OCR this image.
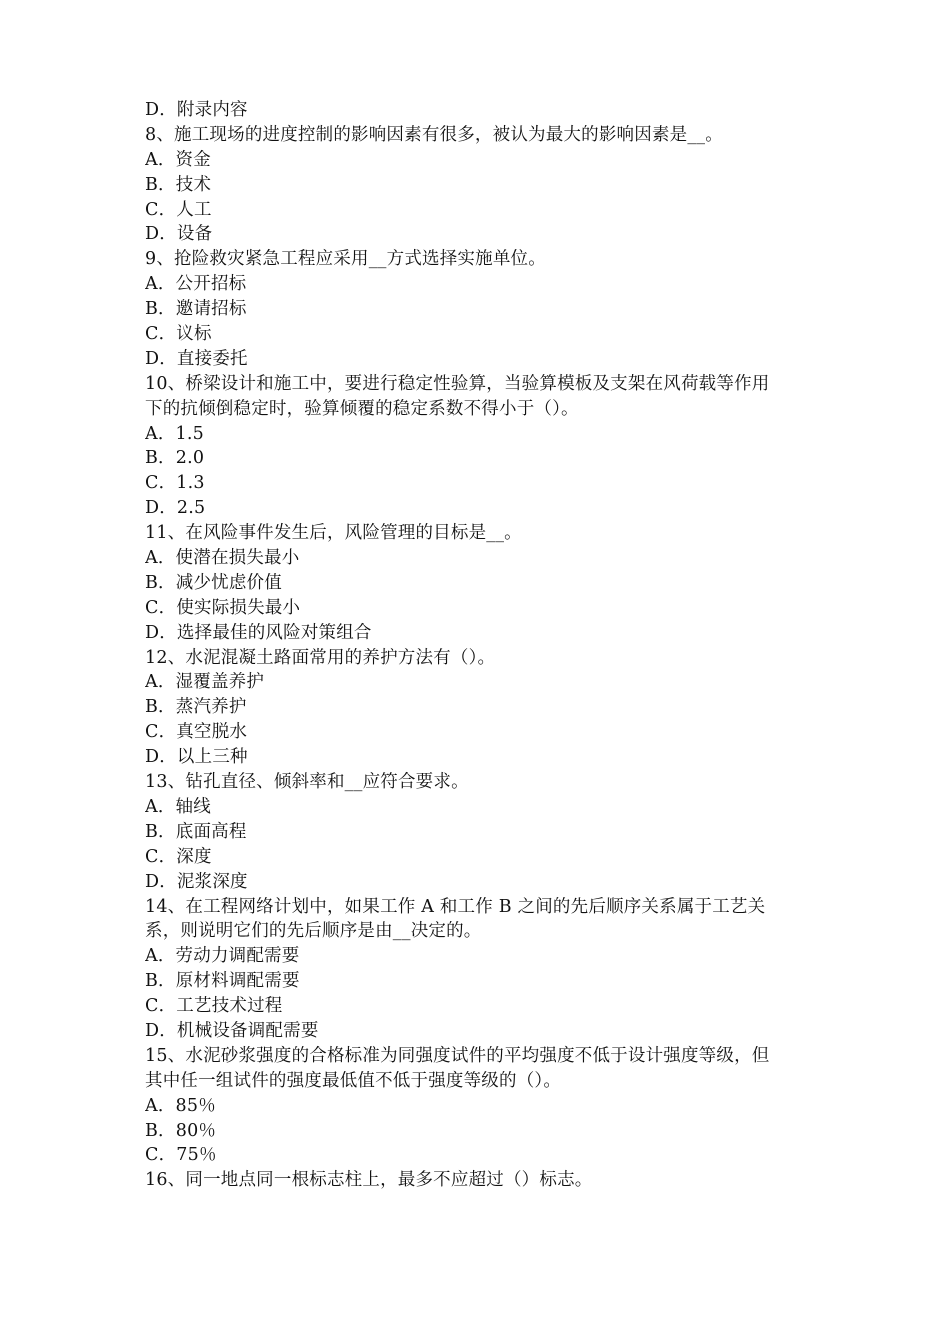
D．附录内容
8、施工现场的进度控制的影响因素有很多，被认为最大的影响因素是__。
A．资金
B．技术
C．人工
D．设备
9、抢险救灾紧急工程应采用__方式选择实施单位。
A．公开招标
B．邀请招标
C．议标
D．直接委托
10、桥梁设计和施工中，要进行稳定性验算，当验算模板及支架在风荷载等作用
下的抗倾倒稳定时，验算倾覆的稳定系数不得小于（）。
A．1.5
B．2.0
C．1.3
D．2.5
11、在风险事件发生后，风险管理的目标是__。
A．使潜在损失最小
B．减少忧虑价值
C．使实际损失最小
D．选择最佳的风险对策组合
12、水泥混凝土路面常用的养护方法有（）。
A．湿覆盖养护
B．蒸汽养护
C．真空脱水
D．以上三种
13、钻孔直径、倾斜率和__应符合要求。
A．轴线
B．底面高程
C．深度
D．泥浆深度
14、在工程网络计划中，如果工作 A 和工作 B 之间的先后顺序关系属于工艺关
系，则说明它们的先后顺序是由__决定的。
A．劳动力调配需要
B．原材料调配需要
C．工艺技术过程
D．机械设备调配需要
15、水泥砂浆强度的合格标准为同强度试件的平均强度不低于设计强度等级，但
其中任一组试件的强度最低值不低于强度等级的（）。
A．85％
B．80％
C．75％
16、同一地点同一根标志柱上，最多不应超过（）标志。
